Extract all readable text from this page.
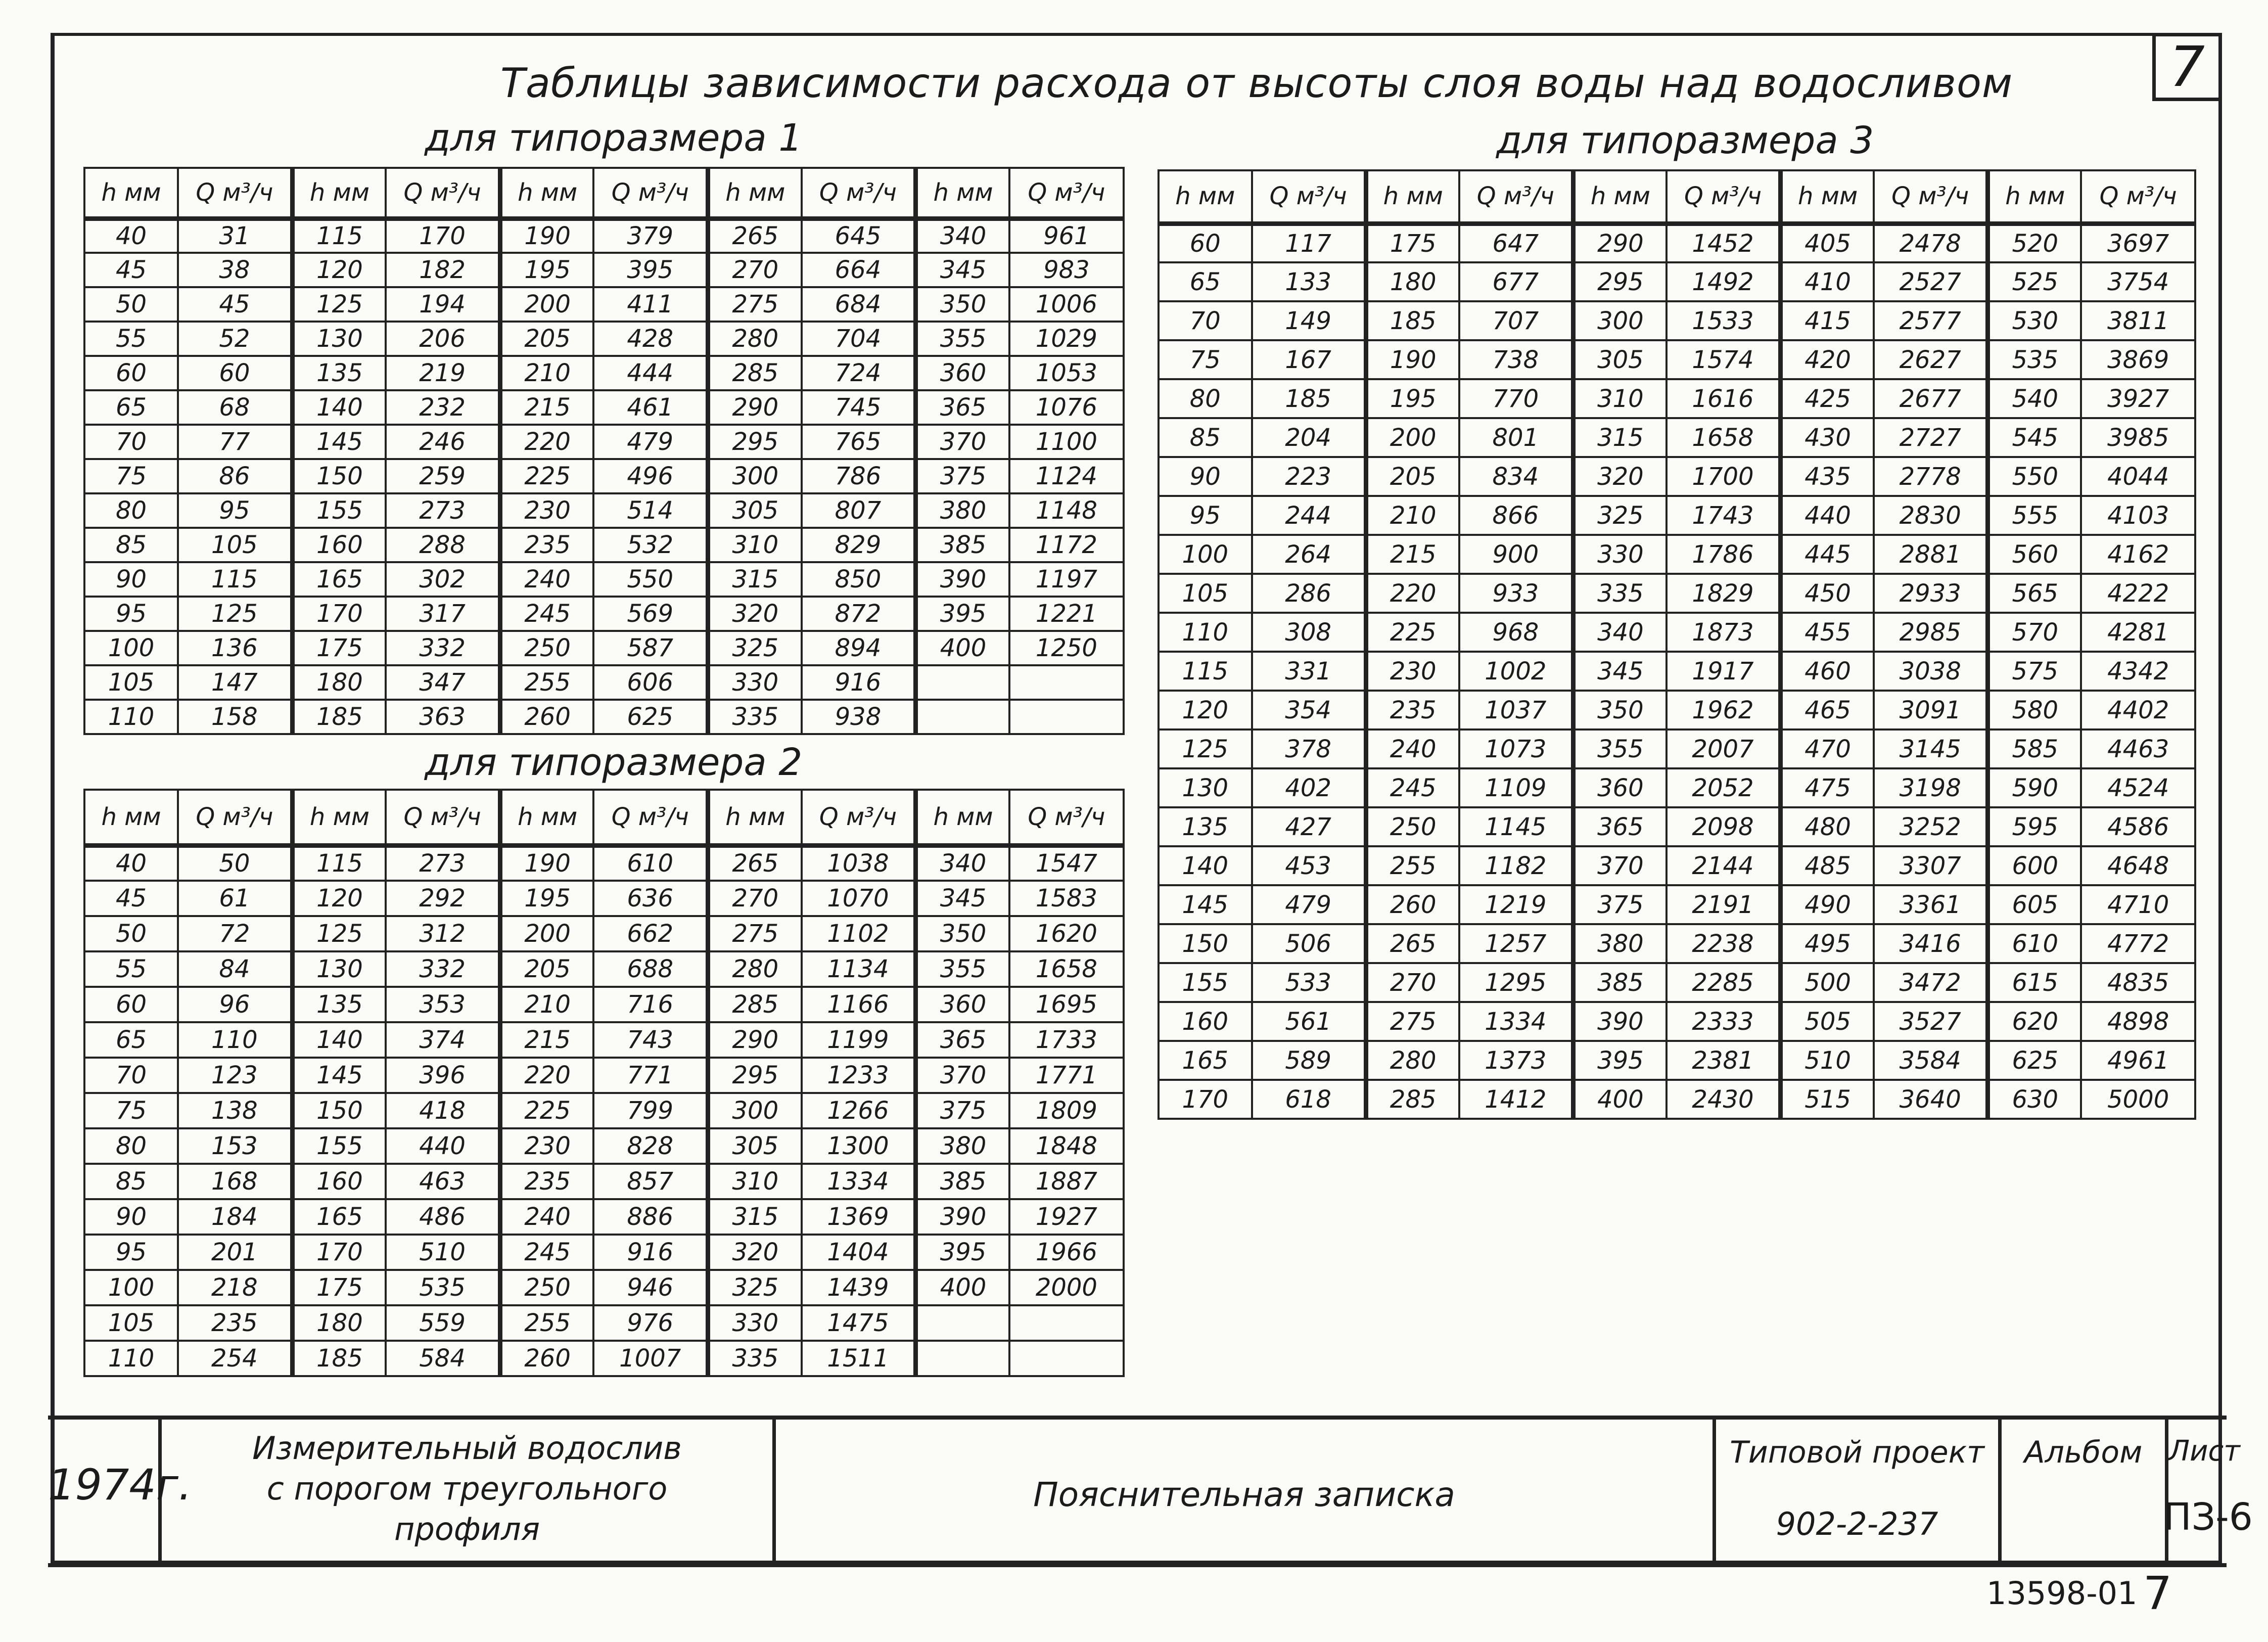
7
Таблицы зависимости расхода от высоты слоя воды над водосливом
для типоразмера 1	для типоразмера 3
для типоразмера 2
h мм	Q м³/ч	h мм	Q м³/ч	h мм	Q м³/ч	h мм	Q м³/ч	h мм	Q м³/ч
40	31	115	170	190	379	265	645	340	961
45	38	120	182	195	395	270	664	345	983
50	45	125	194	200	411	275	684	350	1006
55	52	130	206	205	428	280	704	355	1029
60	60	135	219	210	444	285	724	360	1053
65	68	140	232	215	461	290	745	365	1076
70	77	145	246	220	479	295	765	370	1100
75	86	150	259	225	496	300	786	375	1124
80	95	155	273	230	514	305	807	380	1148
85	105	160	288	235	532	310	829	385	1172
90	115	165	302	240	550	315	850	390	1197
95	125	170	317	245	569	320	872	395	1221
100	136	175	332	250	587	325	894	400	1250
105	147	180	347	255	606	330	916		
110	158	185	363	260	625	335	938		
h мм	Q м³/ч	h мм	Q м³/ч	h мм	Q м³/ч	h мм	Q м³/ч	h мм	Q м³/ч
40	50	115	273	190	610	265	1038	340	1547
45	61	120	292	195	636	270	1070	345	1583
50	72	125	312	200	662	275	1102	350	1620
55	84	130	332	205	688	280	1134	355	1658
60	96	135	353	210	716	285	1166	360	1695
65	110	140	374	215	743	290	1199	365	1733
70	123	145	396	220	771	295	1233	370	1771
75	138	150	418	225	799	300	1266	375	1809
80	153	155	440	230	828	305	1300	380	1848
85	168	160	463	235	857	310	1334	385	1887
90	184	165	486	240	886	315	1369	390	1927
95	201	170	510	245	916	320	1404	395	1966
100	218	175	535	250	946	325	1439	400	2000
105	235	180	559	255	976	330	1475		
110	254	185	584	260	1007	335	1511		
h мм	Q м³/ч	h мм	Q м³/ч	h мм	Q м³/ч	h мм	Q м³/ч	h мм	Q м³/ч
60	117	175	647	290	1452	405	2478	520	3697
65	133	180	677	295	1492	410	2527	525	3754
70	149	185	707	300	1533	415	2577	530	3811
75	167	190	738	305	1574	420	2627	535	3869
80	185	195	770	310	1616	425	2677	540	3927
85	204	200	801	315	1658	430	2727	545	3985
90	223	205	834	320	1700	435	2778	550	4044
95	244	210	866	325	1743	440	2830	555	4103
100	264	215	900	330	1786	445	2881	560	4162
105	286	220	933	335	1829	450	2933	565	4222
110	308	225	968	340	1873	455	2985	570	4281
115	331	230	1002	345	1917	460	3038	575	4342
120	354	235	1037	350	1962	465	3091	580	4402
125	378	240	1073	355	2007	470	3145	585	4463
130	402	245	1109	360	2052	475	3198	590	4524
135	427	250	1145	365	2098	480	3252	595	4586
140	453	255	1182	370	2144	485	3307	600	4648
145	479	260	1219	375	2191	490	3361	605	4710
150	506	265	1257	380	2238	495	3416	610	4772
155	533	270	1295	385	2285	500	3472	615	4835
160	561	275	1334	390	2333	505	3527	620	4898
165	589	280	1373	395	2381	510	3584	625	4961
170	618	285	1412	400	2430	515	3640	630	5000
1974г.
Измерительный водослив
с порогом треугольного
профиля
Пояснительная записка
Типовой проект
902-2-237
Альбом Лист
ПЗ-6
13598-01 7
